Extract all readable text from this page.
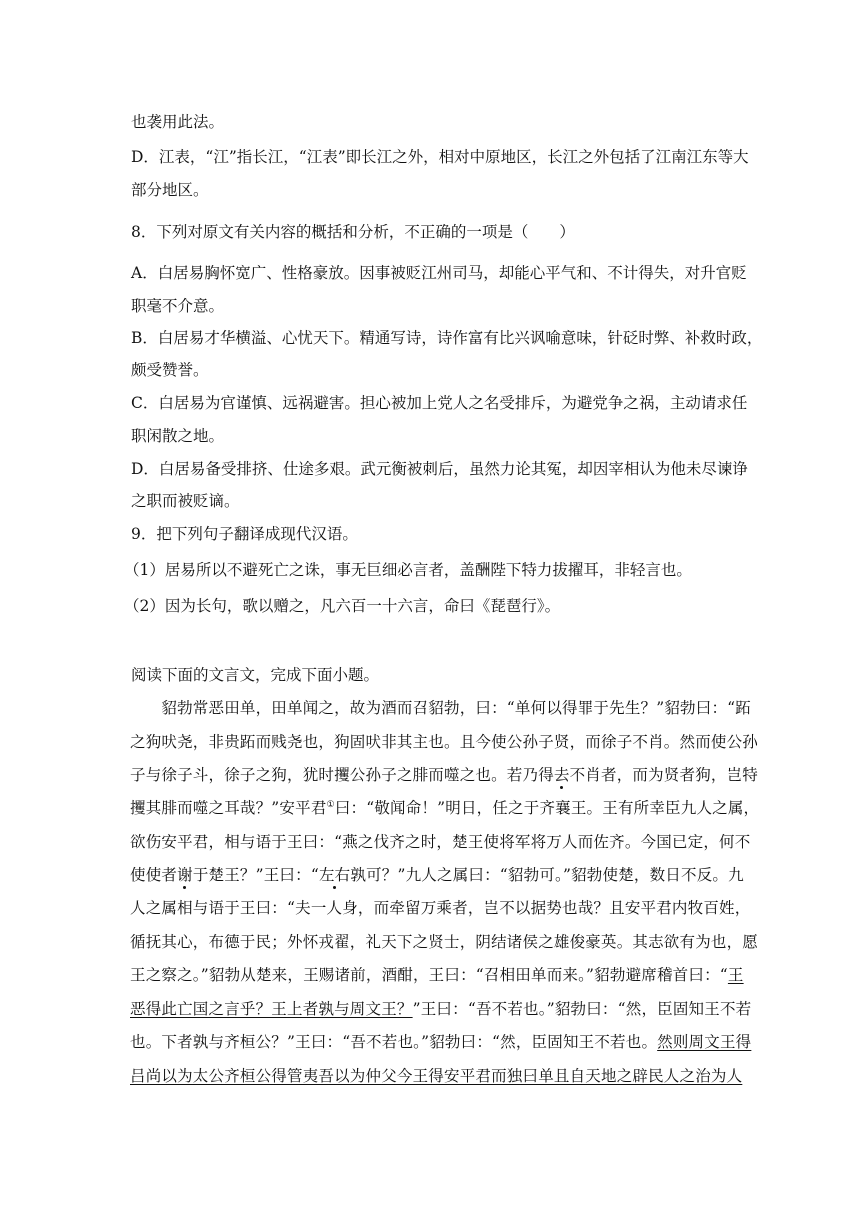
也袭用此法。
D．江表，“江”指长江，“江表”即长江之外，相对中原地区，长江之外包括了江南江东等大
部分地区。
8．下列对原文有关内容的概括和分析，不正确的一项是（　　）
A．白居易胸怀宽广、性格豪放。因事被贬江州司马，却能心平气和、不计得失，对升官贬
职毫不介意。
B．白居易才华横溢、心忧天下。精通写诗，诗作富有比兴讽喻意味，针砭时弊、补救时政，
颇受赞誉。
C．白居易为官谨慎、远祸避害。担心被加上党人之名受排斥，为避党争之祸，主动请求任
职闲散之地。
D．白居易备受排挤、仕途多艰。武元衡被刺后，虽然力论其冤，却因宰相认为他未尽谏诤
之职而被贬谪。
9．把下列句子翻译成现代汉语。
（1）居易所以不避死亡之诛，事无巨细必言者，盖酬陛下特力拔擢耳，非轻言也。
（2）因为长句，歌以赠之，凡六百一十六言，命曰《琵琶行》。
阅读下面的文言文，完成下面小题。
　　貂勃常恶田单，田单闻之，故为酒而召貂勃，曰：“单何以得罪于先生？”貂勃曰：“跖
之狗吠尧，非贵跖而贱尧也，狗固吠非其主也。且今使公孙子贤，而徐子不肖。然而使公孙
子与徐子斗，徐子之狗，犹时攫公孙子之腓而噬之也。若乃得去不肖者，而为贤者狗，岂特
攫其腓而噬之耳哉？”安平君①曰：“敬闻命！”明日，任之于齐襄王。王有所幸臣九人之属，
欲伤安平君，相与语于王曰：“燕之伐齐之时，楚王使将军将万人而佐齐。今国已定，何不
使使者谢于楚王？”王曰：“左右孰可？”九人之属曰：“貂勃可。”貂勃使楚，数日不反。九
人之属相与语于王曰：“夫一人身，而牵留万乘者，岂不以据势也哉？且安平君内牧百姓，
循抚其心，布德于民；外怀戎翟，礼天下之贤士，阴结诸侯之雄俊豪英。其志欲有为也，愿
王之察之。”貂勃从楚来，王赐诸前，酒酣，王曰：“召相田单而来。”貂勃避席稽首曰：“王
恶得此亡国之言乎？王上者孰与周文王？”王曰：“吾不若也。”貂勃曰：“然，臣固知王不若
也。下者孰与齐桓公？”王曰：“吾不若也。”貂勃曰：“然，臣固知王不若也。然则周文王得
吕尚以为太公齐桓公得管夷吾以为仲父今王得安平君而独曰单且自天地之辟民人之治为人
